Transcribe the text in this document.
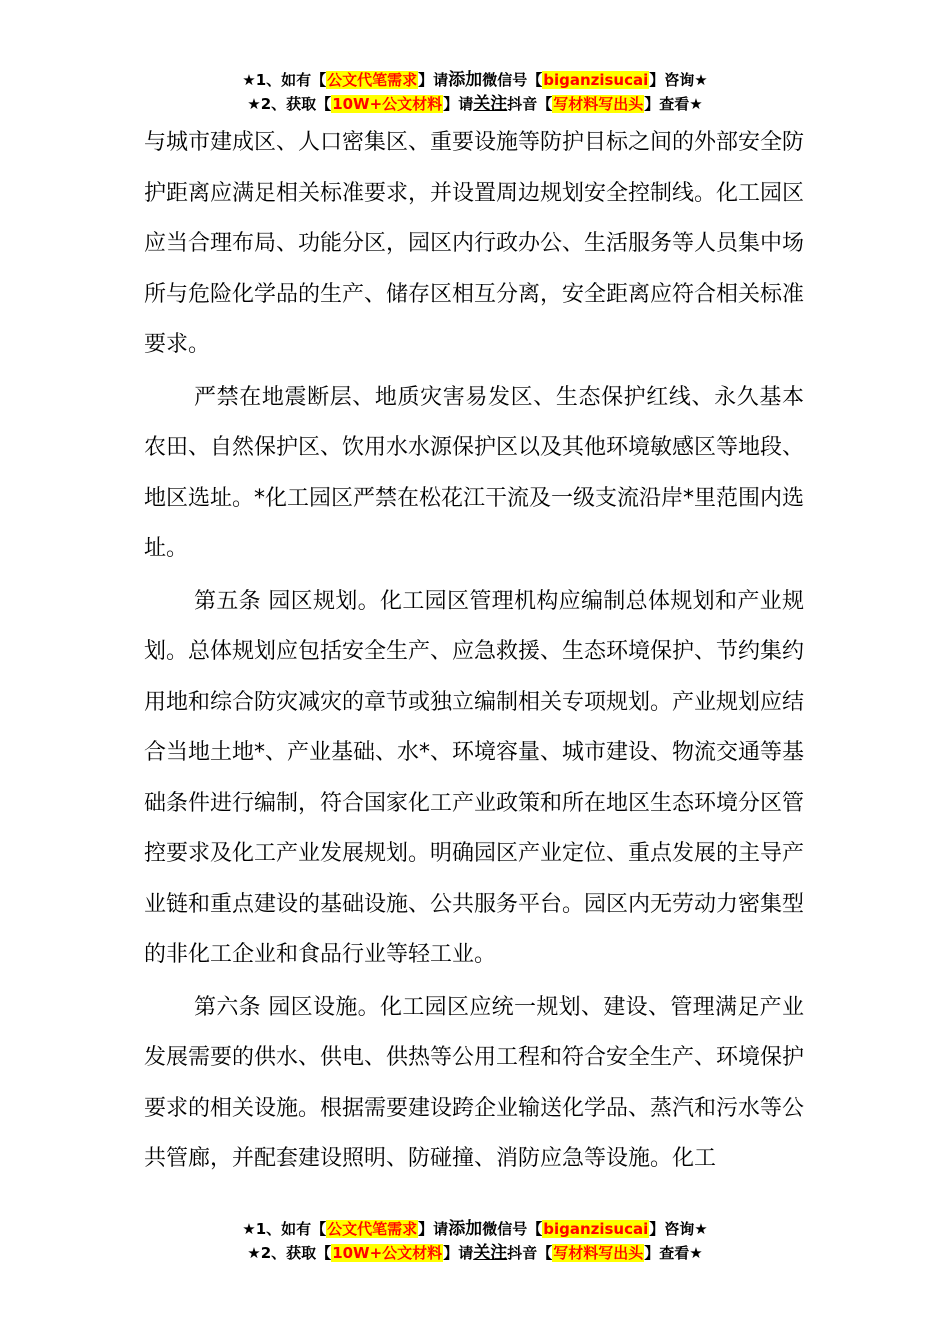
★1、如有【公文代笔需求】请添加微信号【biganzisucai】咨询★
★2、获取【10W+公文材料】请关注抖音【写材料写出头】查看★

与城市建成区、人口密集区、重要设施等防护目标之间的外部安全防护距离应满足相关标准要求，并设置周边规划安全控制线。化工园区应当合理布局、功能分区，园区内行政办公、生活服务等人员集中场所与危险化学品的生产、储存区相互分离，安全距离应符合相关标准要求。

严禁在地震断层、地质灾害易发区、生态保护红线、永久基本农田、自然保护区、饮用水水源保护区以及其他环境敏感区等地段、地区选址。*化工园区严禁在松花江干流及一级支流沿岸*里范围内选址。

第五条 园区规划。化工园区管理机构应编制总体规划和产业规划。总体规划应包括安全生产、应急救援、生态环境保护、节约集约用地和综合防灾减灾的章节或独立编制相关专项规划。产业规划应结合当地土地*、产业基础、水*、环境容量、城市建设、物流交通等基础条件进行编制，符合国家化工产业政策和所在地区生态环境分区管控要求及化工产业发展规划。明确园区产业定位、重点发展的主导产业链和重点建设的基础设施、公共服务平台。园区内无劳动力密集型的非化工企业和食品行业等轻工业。

第六条 园区设施。化工园区应统一规划、建设、管理满足产业发展需要的供水、供电、供热等公用工程和符合安全生产、环境保护要求的相关设施。根据需要建设跨企业输送化学品、蒸汽和污水等公共管廊，并配套建设照明、防碰撞、消防应急等设施。化工

★1、如有【公文代笔需求】请添加微信号【biganzisucai】咨询★
★2、获取【10W+公文材料】请关注抖音【写材料写出头】查看★
